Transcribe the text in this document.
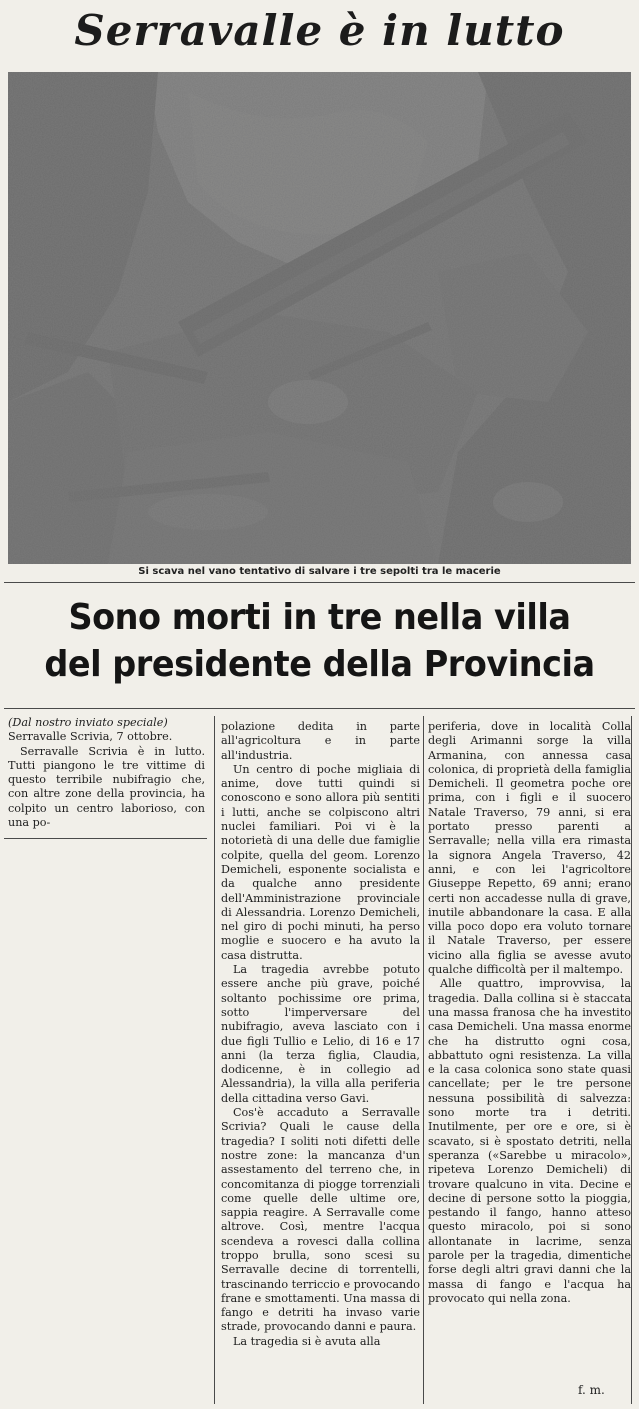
Serravalle è in lutto
Si scava nel vano tentativo di salvare i tre sepolti tra le macerie
Sono morti in tre nella villa
del presidente della Provincia

(Dal nostro inviato speciale)

Serravalle Scrivia, 7 ottobre.

Serravalle Scrivia è in lutto. Tutti piangono le tre vittime di questo terribile nubifragio che, con altre zone della provincia, ha colpito un centro laborioso, con una po-

polazione dedita in parte all'agricoltura e in parte all'industria.

Un centro di poche migliaia di anime, dove tutti quindi si conoscono e sono allora più sentiti i lutti, anche se colpiscono altri nuclei familiari. Poi vi è la notorietà di una delle due famiglie colpite, quella del geom. Lorenzo Demicheli, esponente socialista e da qualche anno presidente dell'Amministrazione provinciale di Alessandria. Lorenzo Demicheli, nel giro di pochi minuti, ha perso moglie e suocero e ha avuto la casa distrutta.

La tragedia avrebbe potuto essere anche più grave, poiché soltanto pochissime ore prima, sotto l'imperversare del nubifragio, aveva lasciato con i due figli Tullio e Lelio, di 16 e 17 anni (la terza figlia, Claudia, dodicenne, è in collegio ad Alessandria), la villa alla periferia della cittadina verso Gavi.

Cos'è accaduto a Serravalle Scrivia? Quali le cause della tragedia? I soliti noti difetti delle nostre zone: la mancanza d'un assestamento del terreno che, in concomitanza di piogge torrenziali come quelle delle ultime ore, sappia reagire. A Serravalle come altrove. Così, mentre l'acqua scendeva a rovesci dalla collina troppo brulla, sono scesi su Serravalle decine di torrentelli, trascinando terriccio e provocando frane e smottamenti. Una massa di fango e detriti ha invaso varie strade, provocando danni e paura.

La tragedia si è avuta alla

periferia, dove in località Colla degli Arimanni sorge la villa Armanina, con annessa casa colonica, di proprietà della famiglia Demicheli. Il geometra poche ore prima, con i figli e il suocero Natale Traverso, 79 anni, si era portato presso parenti a Serravalle; nella villa era rimasta la signora Angela Traverso, 42 anni, e con lei l'agricoltore Giuseppe Repetto, 69 anni; erano certi non accadesse nulla di grave, inutile abbandonare la casa. E alla villa poco dopo era voluto tornare il Natale Traverso, per essere vicino alla figlia se avesse avuto qualche difficoltà per il maltempo.

Alle quattro, improvvisa, la tragedia. Dalla collina si è staccata una massa franosa che ha investito casa Demicheli. Una massa enorme che ha distrutto ogni cosa, abbattuto ogni resistenza. La villa e la casa colonica sono state quasi cancellate; per le tre persone nessuna possibilità di salvezza: sono morte tra i detriti. Inutilmente, per ore e ore, si è scavato, si è spostato detriti, nella speranza («Sarebbe u miracolo», ripeteva Lorenzo Demicheli) di trovare qualcuno in vita. Decine e decine di persone sotto la pioggia, pestando il fango, hanno atteso questo miracolo, poi si sono allontanate in lacrime, senza parole per la tragedia, dimentiche forse degli altri gravi danni che la massa di fango e l'acqua ha provocato qui nella zona.

f. m.
